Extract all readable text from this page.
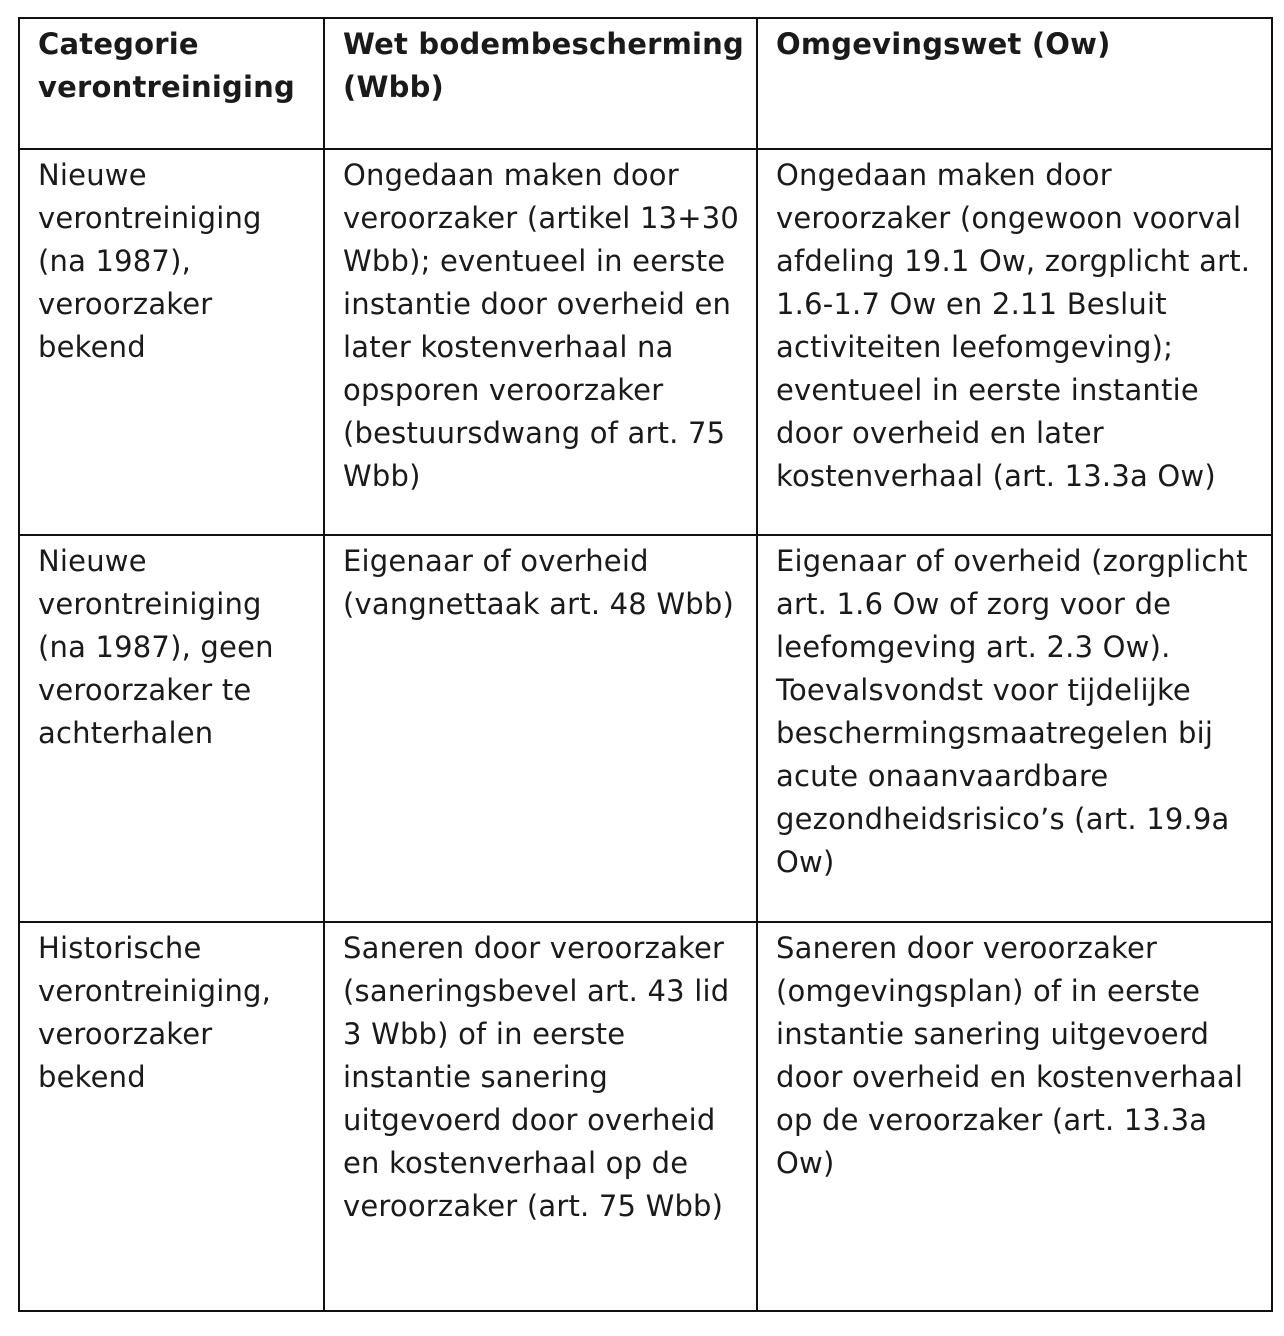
Categorie verontreiniging	Wet bodembescherming (Wbb)	Omgevingswet (Ow)
Nieuwe verontreiniging (na 1987), veroorzaker bekend	Ongedaan maken door veroorzaker (artikel 13+30 Wbb); eventueel in eerste instantie door overheid en later kostenverhaal na opsporen veroorzaker (bestuursdwang of art. 75 Wbb)	Ongedaan maken door veroorzaker (ongewoon voorval afdeling 19.1 Ow, zorgplicht art. 1.6-1.7 Ow en 2.11 Besluit activiteiten leefomgeving); eventueel in eerste instantie door overheid en later kostenverhaal (art. 13.3a Ow)
Nieuwe verontreiniging (na 1987), geen veroorzaker te achterhalen	Eigenaar of overheid (vangnettaak art. 48 Wbb)	Eigenaar of overheid (zorgplicht art. 1.6 Ow of zorg voor de leefomgeving art. 2.3 Ow). Toevalsvondst voor tijdelijke beschermingsmaatregelen bij acute onaanvaardbare gezondheidsrisico’s (art. 19.9a Ow)
Historische verontreiniging, veroorzaker bekend	Saneren door veroorzaker (saneringsbevel art. 43 lid 3 Wbb) of in eerste instantie sanering uitgevoerd door overheid en kostenverhaal op de veroorzaker (art. 75 Wbb)	Saneren door veroorzaker (omgevingsplan) of in eerste instantie sanering uitgevoerd door overheid en kostenverhaal op de veroorzaker (art. 13.3a Ow)
